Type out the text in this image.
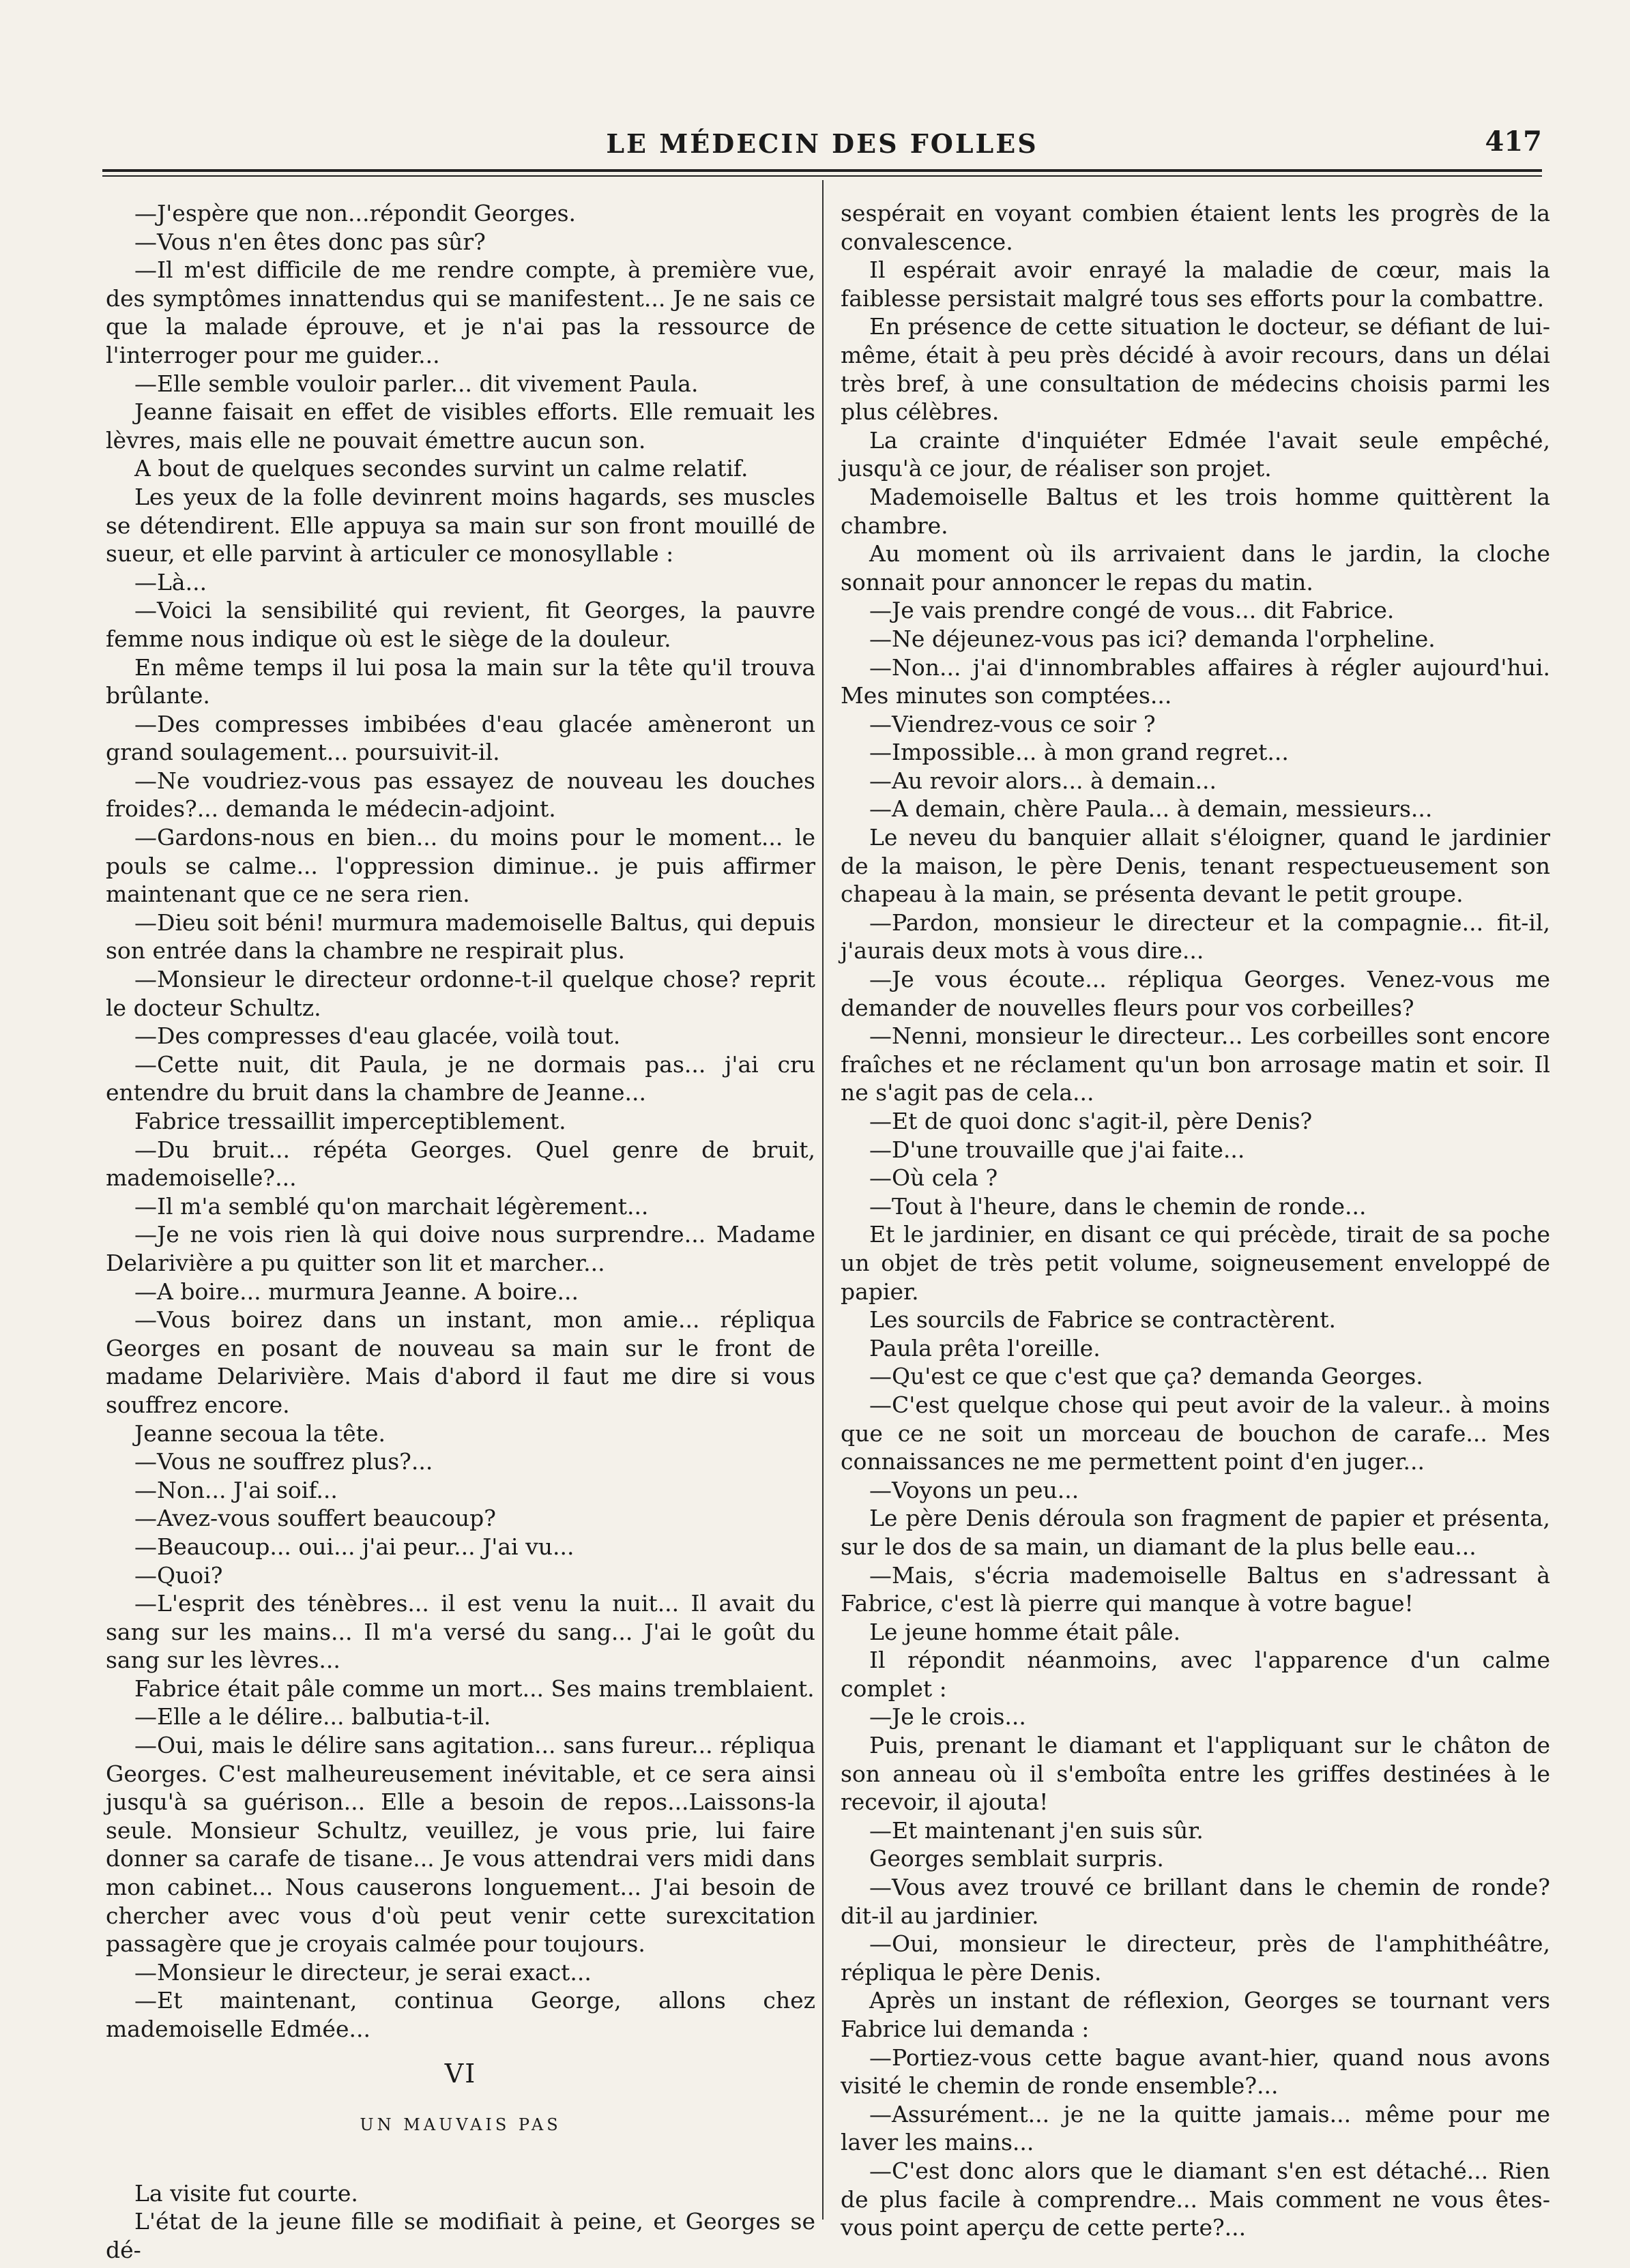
LE MÉDECIN DES FOLLES	417

—J'espère que non...répondit Georges.

—Vous n'en êtes donc pas sûr?

—Il m'est difficile de me rendre compte, à première vue, des symptômes innattendus qui se manifestent... Je ne sais ce que la malade éprouve, et je n'ai pas la ressource de l'interroger pour me guider...

—Elle semble vouloir parler... dit vivement Paula.

Jeanne faisait en effet de visibles efforts. Elle remuait les lèvres, mais elle ne pouvait émettre aucun son.

A bout de quelques secondes survint un calme relatif.

Les yeux de la folle devinrent moins hagards, ses muscles se détendirent. Elle appuya sa main sur son front mouillé de sueur, et elle parvint à articuler ce monosyllable :

—Là...

—Voici la sensibilité qui revient, fit Georges, la pauvre femme nous indique où est le siège de la douleur.

En même temps il lui posa la main sur la tête qu'il trouva brûlante.

—Des compresses imbibées d'eau glacée amèneront un grand soulagement... poursuivit-il.

—Ne voudriez-vous pas essayez de nouveau les douches froides?... demanda le médecin-adjoint.

—Gardons-nous en bien... du moins pour le moment... le pouls se calme... l'oppression diminue.. je puis affirmer maintenant que ce ne sera rien.

—Dieu soit béni! murmura mademoiselle Baltus, qui depuis son entrée dans la chambre ne respirait plus.

—Monsieur le directeur ordonne-t-il quelque chose? reprit le docteur Schultz.

—Des compresses d'eau glacée, voilà tout.

—Cette nuit, dit Paula, je ne dormais pas... j'ai cru entendre du bruit dans la chambre de Jeanne...

Fabrice tressaillit imperceptiblement.

—Du bruit... répéta Georges. Quel genre de bruit, mademoiselle?...

—Il m'a semblé qu'on marchait légèrement...

—Je ne vois rien là qui doive nous surprendre... Madame Delarivière a pu quitter son lit et marcher...

—A boire... murmura Jeanne. A boire...

—Vous boirez dans un instant, mon amie... répliqua Georges en posant de nouveau sa main sur le front de madame Delarivière. Mais d'abord il faut me dire si vous souffrez encore.

Jeanne secoua la tête.

—Vous ne souffrez plus?...

—Non... J'ai soif...

—Avez-vous souffert beaucoup?

—Beaucoup... oui... j'ai peur... J'ai vu...

—Quoi?

—L'esprit des ténèbres... il est venu la nuit... Il avait du sang sur les mains... Il m'a versé du sang... J'ai le goût du sang sur les lèvres...

Fabrice était pâle comme un mort... Ses mains tremblaient.

—Elle a le délire... balbutia-t-il.

—Oui, mais le délire sans agitation... sans fureur... répliqua Georges. C'est malheureusement inévitable, et ce sera ainsi jusqu'à sa guérison... Elle a besoin de repos...Laissons-la seule. Monsieur Schultz, veuillez, je vous prie, lui faire donner sa carafe de tisane... Je vous attendrai vers midi dans mon cabinet... Nous causerons longuement... J'ai besoin de chercher avec vous d'où peut venir cette surexcitation passagère que je croyais calmée pour toujours.

—Monsieur le directeur, je serai exact...

—Et maintenant, continua George, allons chez mademoiselle Edmée...

VI
UN MAUVAIS PAS

La visite fut courte.

L'état de la jeune fille se modifiait à peine, et Georges se dé-

sespérait en voyant combien étaient lents les progrès de la convalescence.

Il espérait avoir enrayé la maladie de cœur, mais la faiblesse persistait malgré tous ses efforts pour la combattre.

En présence de cette situation le docteur, se défiant de lui-même, était à peu près décidé à avoir recours, dans un délai très bref, à une consultation de médecins choisis parmi les plus célèbres.

La crainte d'inquiéter Edmée l'avait seule empêché, jusqu'à ce jour, de réaliser son projet.

Mademoiselle Baltus et les trois homme quittèrent la chambre.

Au moment où ils arrivaient dans le jardin, la cloche sonnait pour annoncer le repas du matin.

—Je vais prendre congé de vous... dit Fabrice.

—Ne déjeunez-vous pas ici? demanda l'orpheline.

—Non... j'ai d'innombrables affaires à régler aujourd'hui. Mes minutes son comptées...

—Viendrez-vous ce soir ?

—Impossible... à mon grand regret...

—Au revoir alors... à demain...

—A demain, chère Paula... à demain, messieurs...

Le neveu du banquier allait s'éloigner, quand le jardinier de la maison, le père Denis, tenant respectueusement son chapeau à la main, se présenta devant le petit groupe.

—Pardon, monsieur le directeur et la compagnie... fit-il, j'aurais deux mots à vous dire...

—Je vous écoute... répliqua Georges. Venez-vous me demander de nouvelles fleurs pour vos corbeilles?

—Nenni, monsieur le directeur... Les corbeilles sont encore fraîches et ne réclament qu'un bon arrosage matin et soir. Il ne s'agit pas de cela...

—Et de quoi donc s'agit-il, père Denis?

—D'une trouvaille que j'ai faite...

—Où cela ?

—Tout à l'heure, dans le chemin de ronde...

Et le jardinier, en disant ce qui précède, tirait de sa poche un objet de très petit volume, soigneusement enveloppé de papier.

Les sourcils de Fabrice se contractèrent.

Paula prêta l'oreille.

—Qu'est ce que c'est que ça? demanda Georges.

—C'est quelque chose qui peut avoir de la valeur.. à moins que ce ne soit un morceau de bouchon de carafe... Mes connaissances ne me permettent point d'en juger...

—Voyons un peu...

Le père Denis déroula son fragment de papier et présenta, sur le dos de sa main, un diamant de la plus belle eau...

—Mais, s'écria mademoiselle Baltus en s'adressant à Fabrice, c'est là pierre qui manque à votre bague!

Le jeune homme était pâle.

Il répondit néanmoins, avec l'apparence d'un calme complet :

—Je le crois...

Puis, prenant le diamant et l'appliquant sur le châton de son anneau où il s'emboîta entre les griffes destinées à le recevoir, il ajouta!

—Et maintenant j'en suis sûr.

Georges semblait surpris.

—Vous avez trouvé ce brillant dans le chemin de ronde? dit-il au jardinier.

—Oui, monsieur le directeur, près de l'amphithéâtre, répliqua le père Denis.

Après un instant de réflexion, Georges se tournant vers Fabrice lui demanda :

—Portiez-vous cette bague avant-hier, quand nous avons visité le chemin de ronde ensemble?...

—Assurément... je ne la quitte jamais... même pour me laver les mains...

—C'est donc alors que le diamant s'en est détaché... Rien de plus facile à comprendre... Mais comment ne vous êtes-vous point aperçu de cette perte?...
